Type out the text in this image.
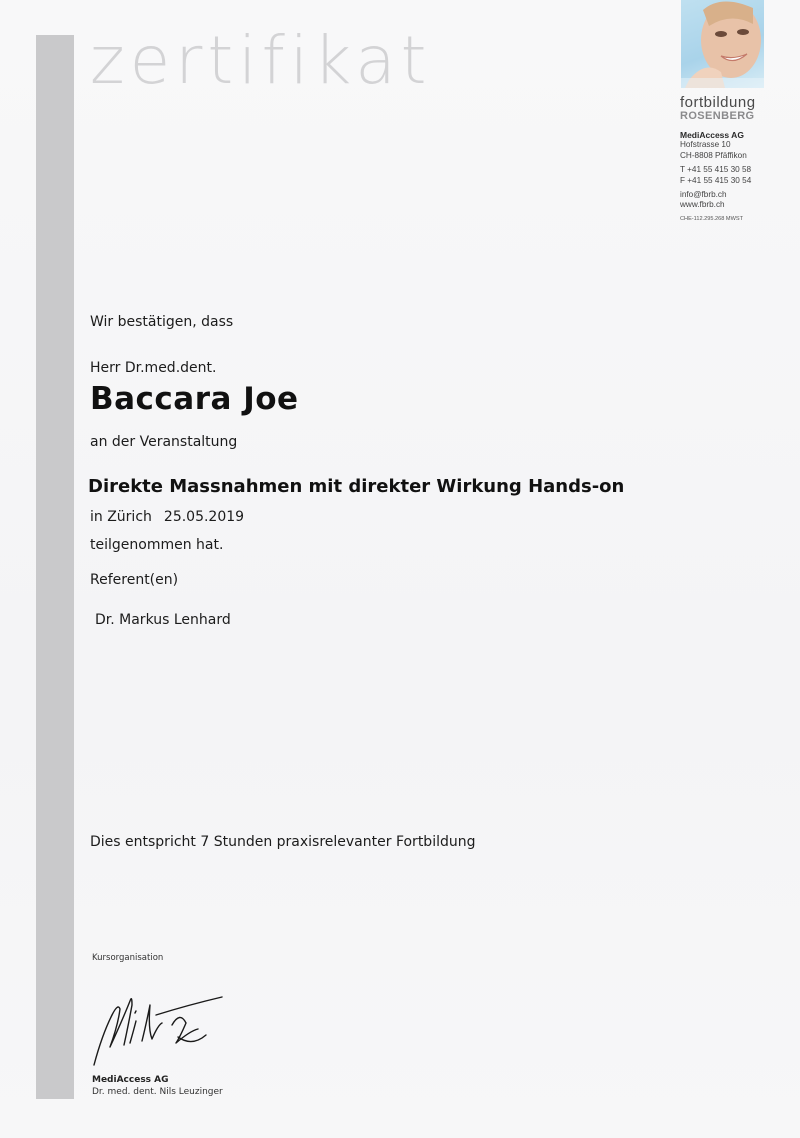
zertifikat
fortbildung
ROSENBERG
MediAccess AG
Hofstrasse 10
CH-8808 Pfäffikon
T +41 55 415 30 58
F +41 55 415 30 54
info@fbrb.ch
www.fbrb.ch
CHE-112.295.268 MWST
Wir bestätigen, dass
Herr Dr.med.dent.
Baccara Joe
an der Veranstaltung
Direkte Massnahmen mit direkter Wirkung Hands-on
in Zürich 25.05.2019
teilgenommen hat.
Referent(en)
Dr. Markus Lenhard
Dies entspricht 7 Stunden praxisrelevanter Fortbildung
Kursorganisation
MediAccess AG
Dr. med. dent. Nils Leuzinger
